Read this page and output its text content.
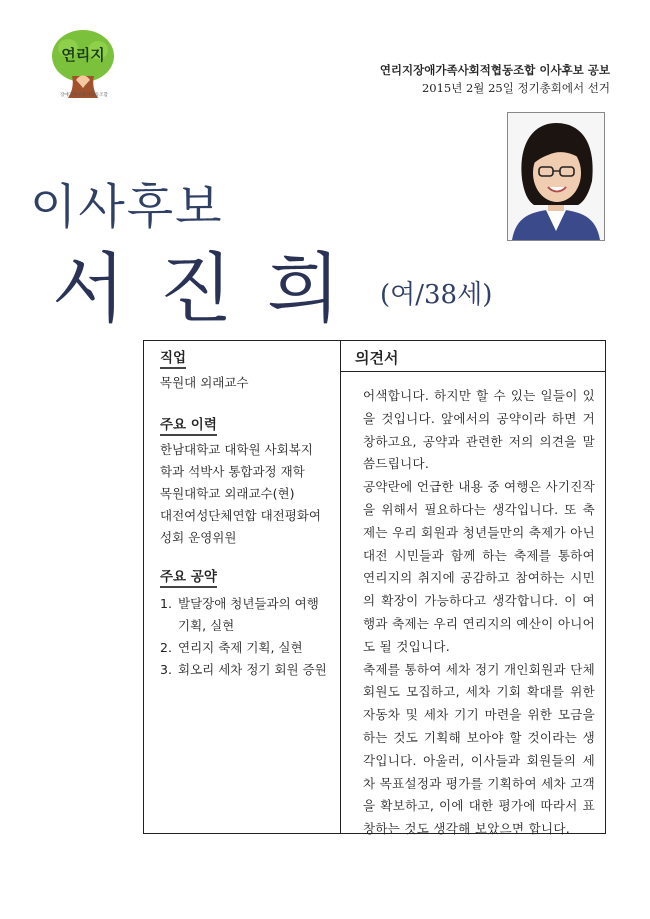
연리지
장애가족사회적협동조합
연리지장애가족사회적협동조합 이사후보 공보
2015년 2월 25일 정기총회에서 선거
이사후보
서진희 (여/38세)
직업
목원대 외래교수
주요 이력
한남대학교 대학원 사회복지
학과 석박사 통합과정 재학
목원대학교 외래교수(현)
대전여성단체연합 대전평화여
성회 운영위원
주요 공약
1. 발달장애 청년들과의 여행 기획, 실현
2. 연리지 축제 기획, 실현
3. 회오리 세차 정기 회원 증원
의견서

어색합니다. 하지만 할 수 있는 일들이 있을 것입니다. 앞에서의 공약이라 하면 거창하고요, 공약과 관련한 저의 의견을 말씀드립니다.

공약란에 언급한 내용 중 여행은 사기진작을 위해서 필요하다는 생각입니다. 또 축제는 우리 회원과 청년들만의 축제가 아닌 대전 시민들과 함께 하는 축제를 통하여 연리지의 취지에 공감하고 참여하는 시민의 확장이 가능하다고 생각합니다. 이 여행과 축제는 우리 연리지의 예산이 아니어도 될 것입니다.

축제를 통하여 세차 정기 개인회원과 단체회원도 모집하고, 세차 기회 확대를 위한 자동차 및 세차 기기 마련을 위한 모금을 하는 것도 기획해 보아야 할 것이라는 생각입니다. 아울러, 이사들과 회원들의 세차 목표설정과 평가를 기획하여 세차 고객을 확보하고, 이에 대한 평가에 따라서 표창하는 것도 생각해 보았으면 합니다.
